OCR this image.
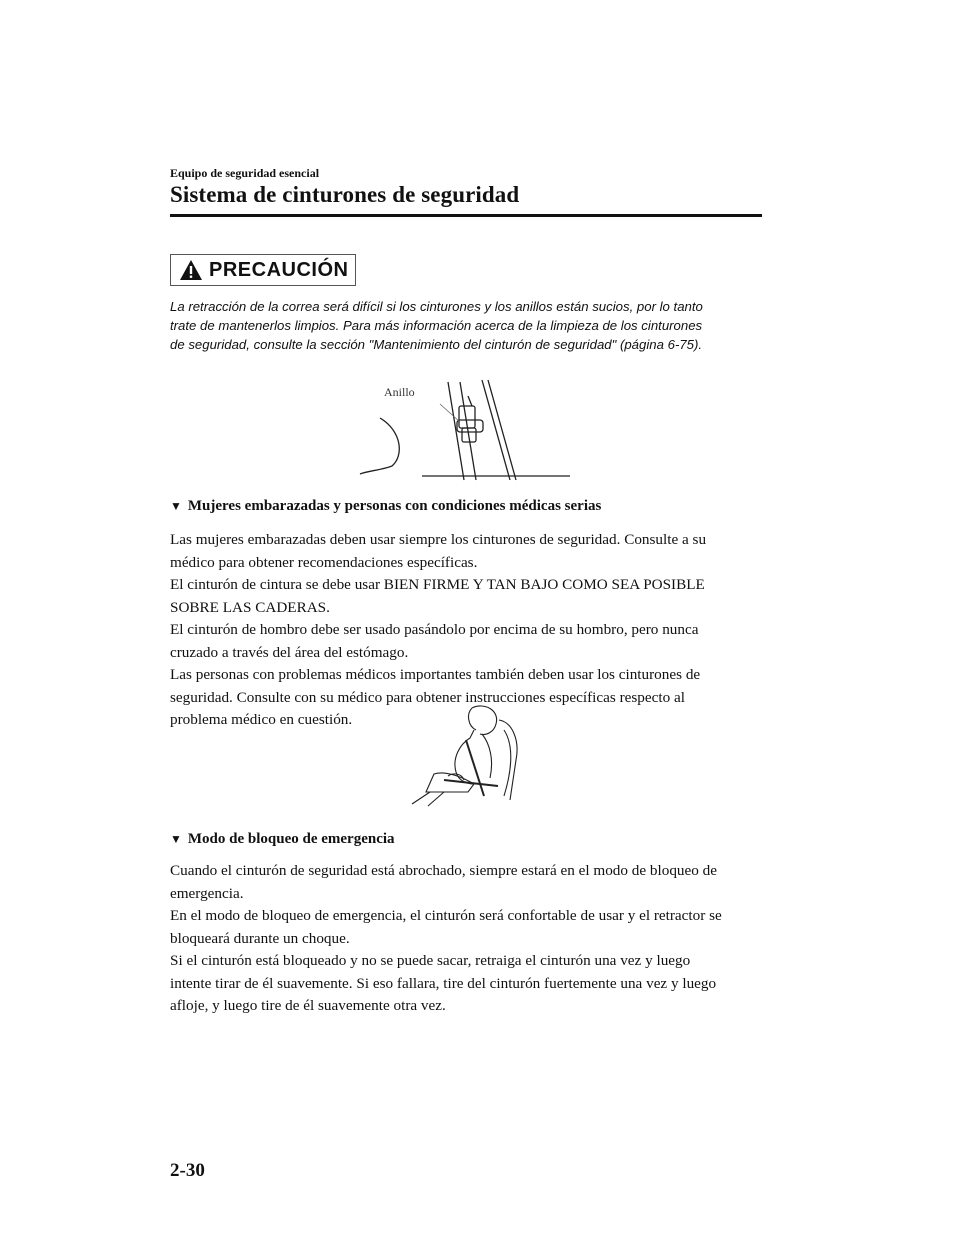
Equipo de seguridad esencial
Sistema de cinturones de seguridad
PRECAUCIÓN
La retracción de la correa será difícil si los cinturones y los anillos están sucios, por lo tanto
trate de mantenerlos limpios. Para más información acerca de la limpieza de los cinturones
de seguridad, consulte la sección "Mantenimiento del cinturón de seguridad" (página 6-75).
Anillo
▼ Mujeres embarazadas y personas con condiciones médicas serias

Las mujeres embarazadas deben usar siempre los cinturones de seguridad. Consulte a su

médico para obtener recomendaciones específicas.

El cinturón de cintura se debe usar BIEN FIRME Y TAN BAJO COMO SEA POSIBLE

SOBRE LAS CADERAS.

El cinturón de hombro debe ser usado pasándolo por encima de su hombro, pero nunca

cruzado a través del área del estómago.

Las personas con problemas médicos importantes también deben usar los cinturones de

seguridad. Consulte con su médico para obtener instrucciones específicas respecto al

problema médico en cuestión.

▼ Modo de bloqueo de emergencia

Cuando el cinturón de seguridad está abrochado, siempre estará en el modo de bloqueo de

emergencia.

En el modo de bloqueo de emergencia, el cinturón será confortable de usar y el retractor se

bloqueará durante un choque.

Si el cinturón está bloqueado y no se puede sacar, retraiga el cinturón una vez y luego

intente tirar de él suavemente. Si eso fallara, tire del cinturón fuertemente una vez y luego

afloje, y luego tire de él suavemente otra vez.

2-30
